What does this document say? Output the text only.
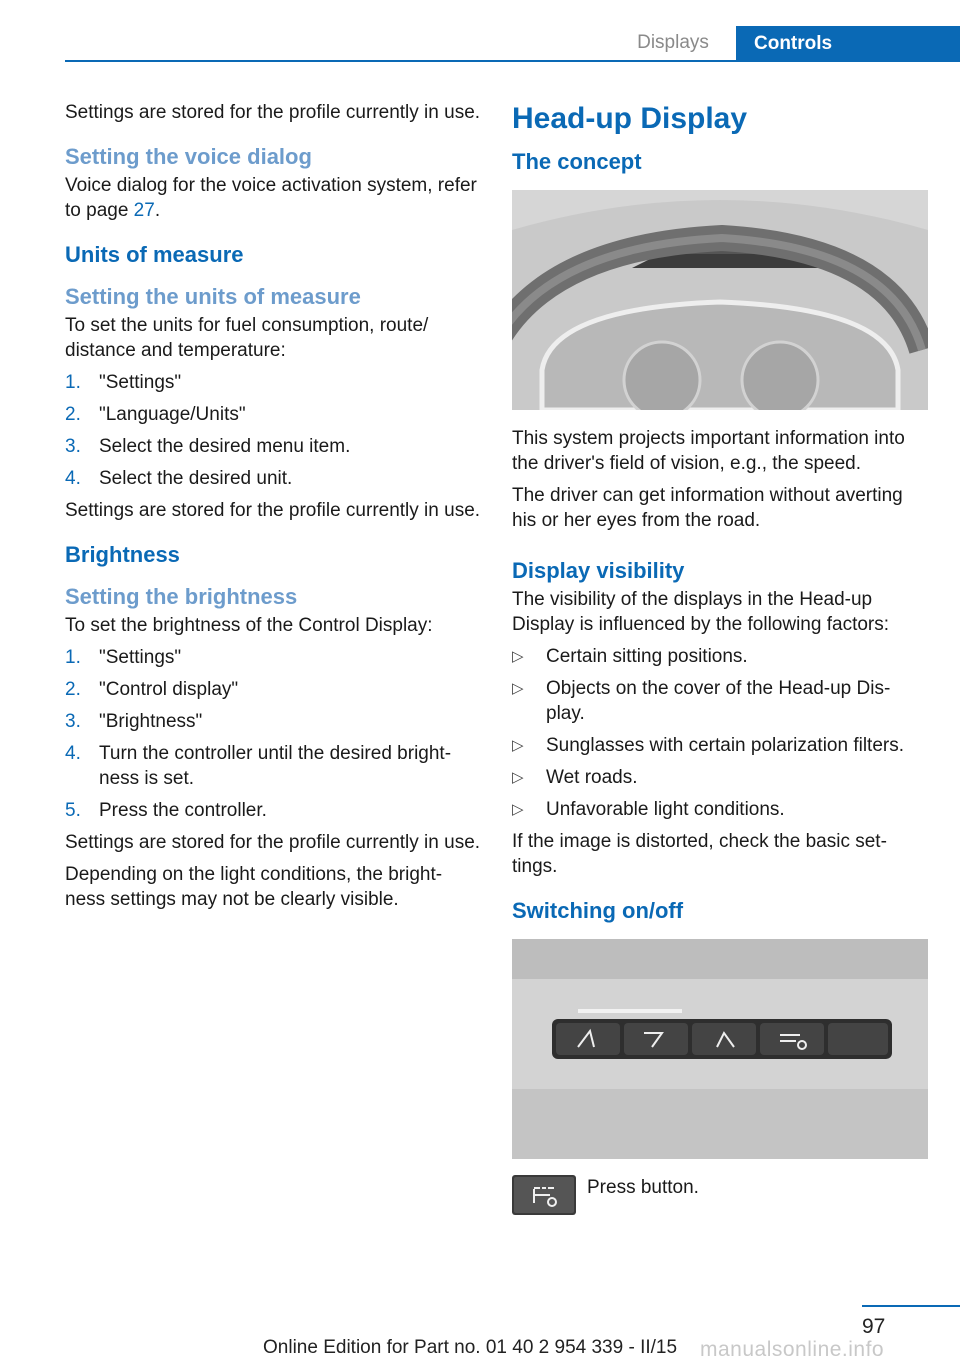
Displays	Controls

Settings are stored for the profile currently in use.

Setting the voice dialog

Voice dialog for the voice activation system, refer to page 27.

Units of measure
Setting the units of measure

To set the units for fuel consumption, route/ distance and temperature:

1. "Settings"
2. "Language/Units"
3. Select the desired menu item.
4. Select the desired unit.

Settings are stored for the profile currently in use.

Brightness
Setting the brightness

To set the brightness of the Control Display:

1. "Settings"
2. "Control display"
3. "Brightness"
4. Turn the controller until the desired bright‐ ness is set.
5. Press the controller.

Settings are stored for the profile currently in use.

Depending on the light conditions, the bright‐ ness settings may not be clearly visible.

Head-up Display
The concept

This system projects important information into the driver's field of vision, e.g., the speed.

The driver can get information without averting his or her eyes from the road.

Display visibility

The visibility of the displays in the Head-up Display is influenced by the following factors:

▷	Certain sitting positions.
▷	Objects on the cover of the Head-up Dis‐ play.
▷	Sunglasses with certain polarization filters.
▷	Wet roads.
▷	Unfavorable light conditions.

If the image is distorted, check the basic set‐ tings.

Switching on/off
Press button.
97
Online Edition for Part no. 01 40 2 954 339 - II/15 manualsonline.info
